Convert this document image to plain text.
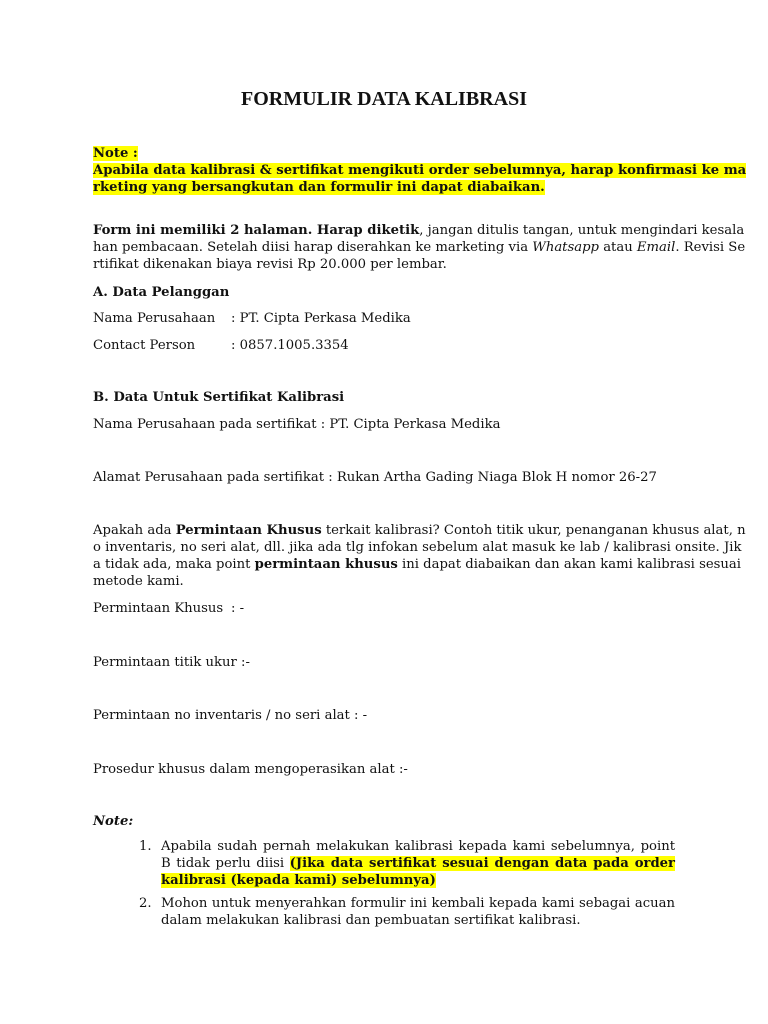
FORMULIR DATA KALIBRASI
Note :
Apabila data kalibrasi & sertifikat mengikuti order sebelumnya, harap konfirmasi ke ma
rketing yang bersangkutan dan formulir ini dapat diabaikan.
Form ini memiliki 2 halaman. Harap diketik, jangan ditulis tangan, untuk mengindari kesala
han pembacaan. Setelah diisi harap diserahkan ke marketing via Whatsapp atau Email. Revisi Se
rtifikat dikenakan biaya revisi Rp 20.000 per lembar.
A. Data Pelanggan
Nama Perusahaan : PT. Cipta Perkasa Medika
Contact Person	: 0857.1005.3354
B. Data Untuk Sertifikat Kalibrasi
Nama Perusahaan pada sertifikat : PT. Cipta Perkasa Medika
Alamat Perusahaan pada sertifikat : Rukan Artha Gading Niaga Blok H nomor 26-27
Apakah ada Permintaan Khusus terkait kalibrasi? Contoh titik ukur, penanganan khusus alat, n
o inventaris, no seri alat, dll. jika ada tlg infokan sebelum alat masuk ke lab / kalibrasi onsite. Jik
a tidak ada, maka point permintaan khusus ini dapat diabaikan dan akan kami kalibrasi sesuai
metode kami.
Permintaan Khusus : -
Permintaan titik ukur :-
Permintaan no inventaris / no seri alat : -
Prosedur khusus dalam mengoperasikan alat :-
Note:
1. Apabila sudah pernah melakukan kalibrasi kepada kami sebelumnya, point B tidak perlu diisi (Jika data sertifikat sesuai dengan data pada order kalibrasi (kepada kami) sebelumnya)
2. Mohon untuk menyerahkan formulir ini kembali kepada kami sebagai acuan dalam melakukan kalibrasi dan pembuatan sertifikat kalibrasi.
